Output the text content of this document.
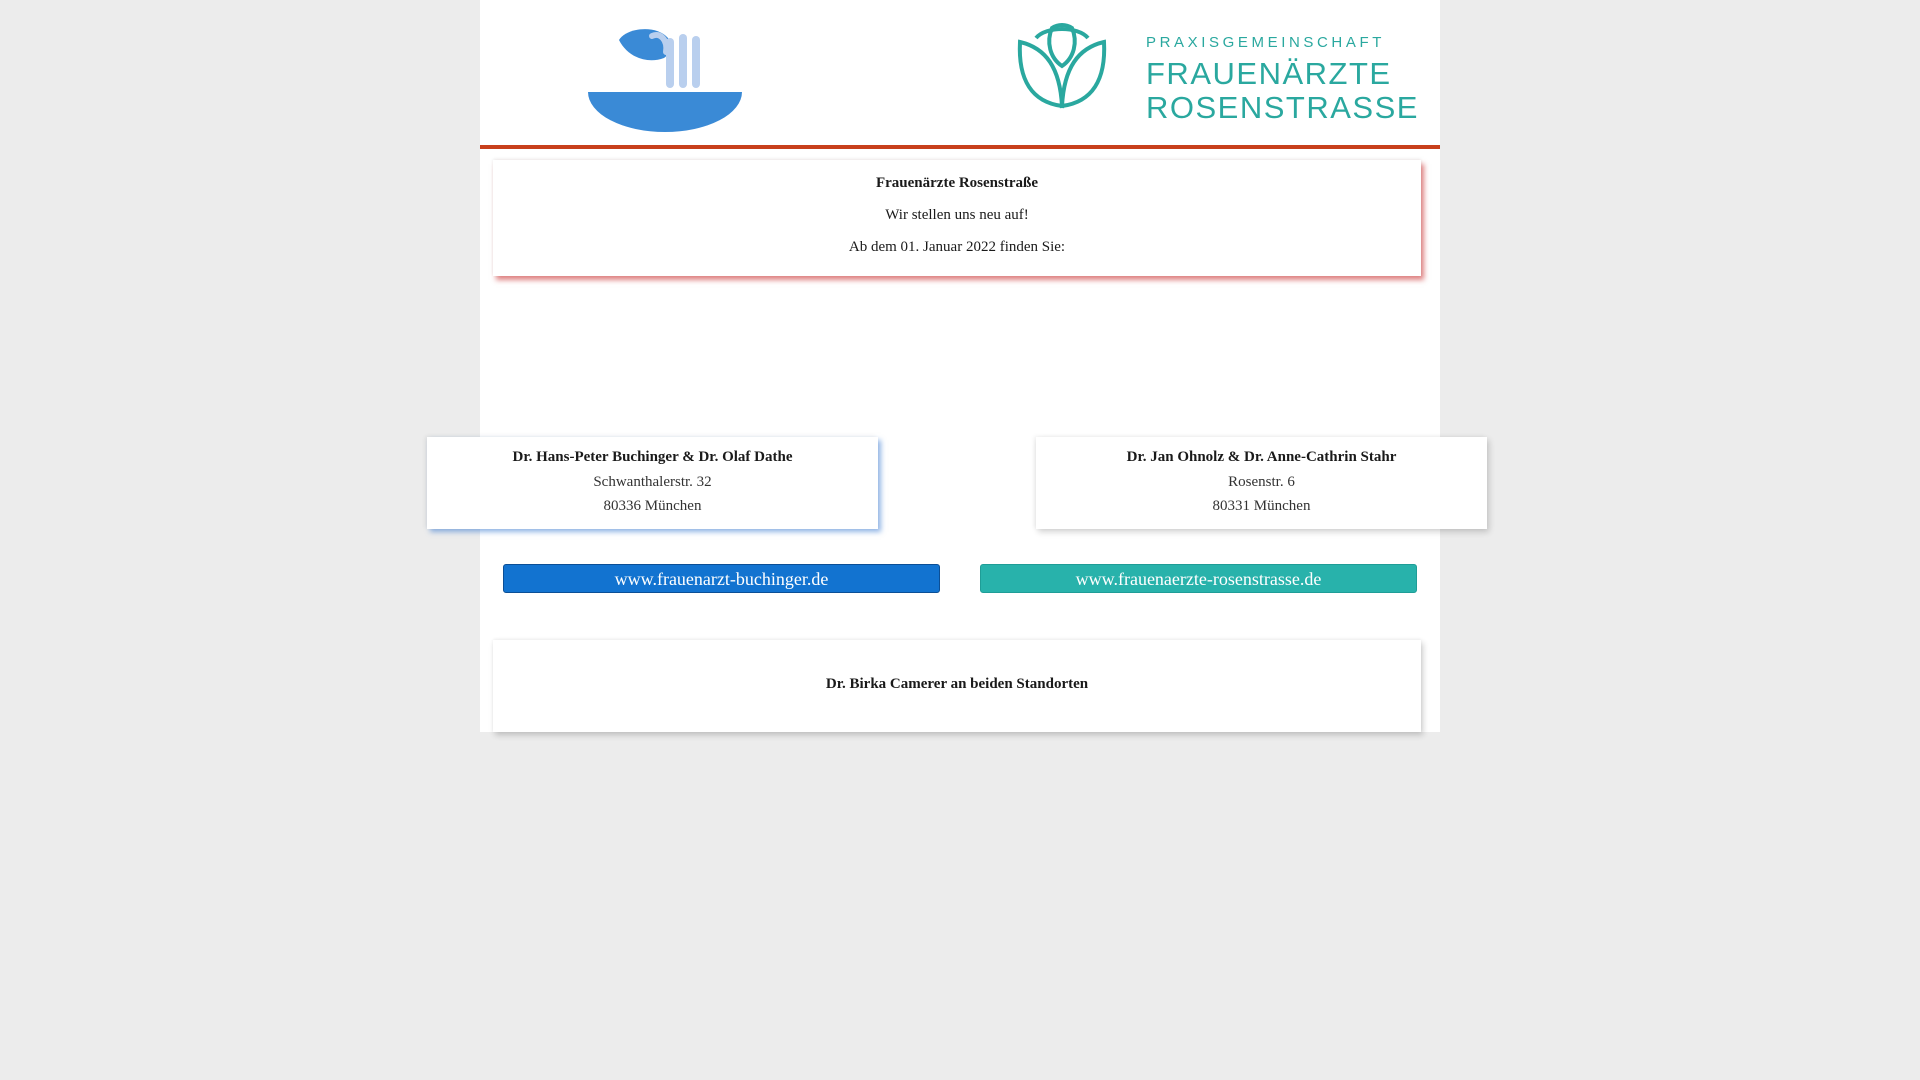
PRAXISGEMEINSCHAFT
FRAUENÄRZTE
ROSENSTRASSE

Frauenärzte Rosenstraße

Wir stellen uns neu auf!

Ab dem 01. Januar 2022 finden Sie:

Dr. Hans-Peter Buchinger & Dr. Olaf Dathe

Schwanthalerstr. 32

80336 München

Dr. Jan Ohnolz & Dr. Anne-Cathrin Stahr

Rosenstr. 6

80331 München

www.frauenarzt-buchinger.de	www.frauenaerzte-rosenstrasse.de

Dr. Birka Camerer an beiden Standorten
